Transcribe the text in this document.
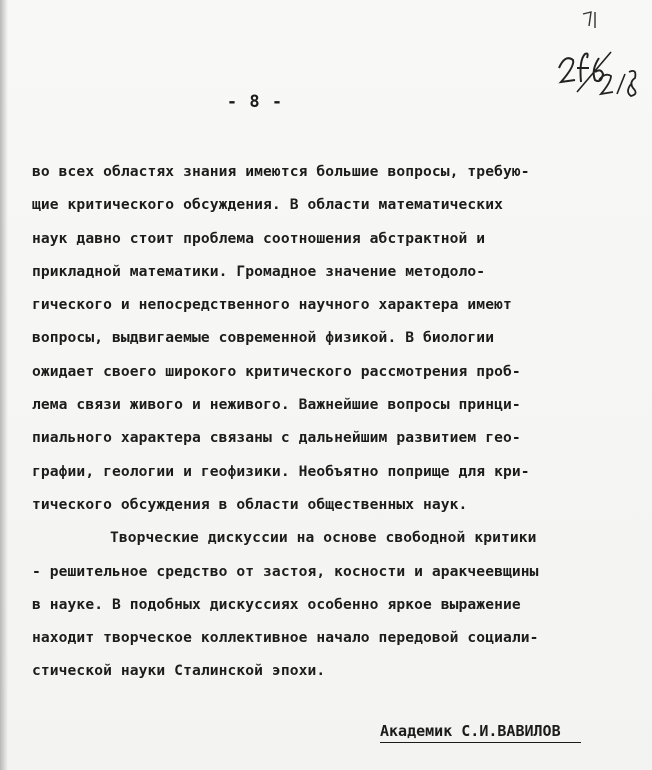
- 8 -
во всех областях знания имеются большие вопросы, требую-
щие критического обсуждения. В области математических
наук давно стоит проблема соотношения абстрактной и
прикладной математики. Громадное значение методоло-
гического и непосредственного научного характера имеют
вопросы, выдвигаемые современной физикой. В биологии
ожидает своего широкого критического рассмотрения проб-
лема связи живого и неживого. Важнейшие вопросы принци-
пиального характера связаны с дальнейшим развитием гео-
графии, геологии и геофизики. Необъятно поприще для кри-
тического обсуждения в области общественных наук.
Творческие дискуссии на основе свободной критики
- решительное средство от застоя, косности и аракчеевщины
в науке. В подобных дискуссиях особенно яркое выражение
находит творческое коллективное начало передовой социали-
стической науки Сталинской эпохи.
Академик С.И.ВАВИЛОВ
